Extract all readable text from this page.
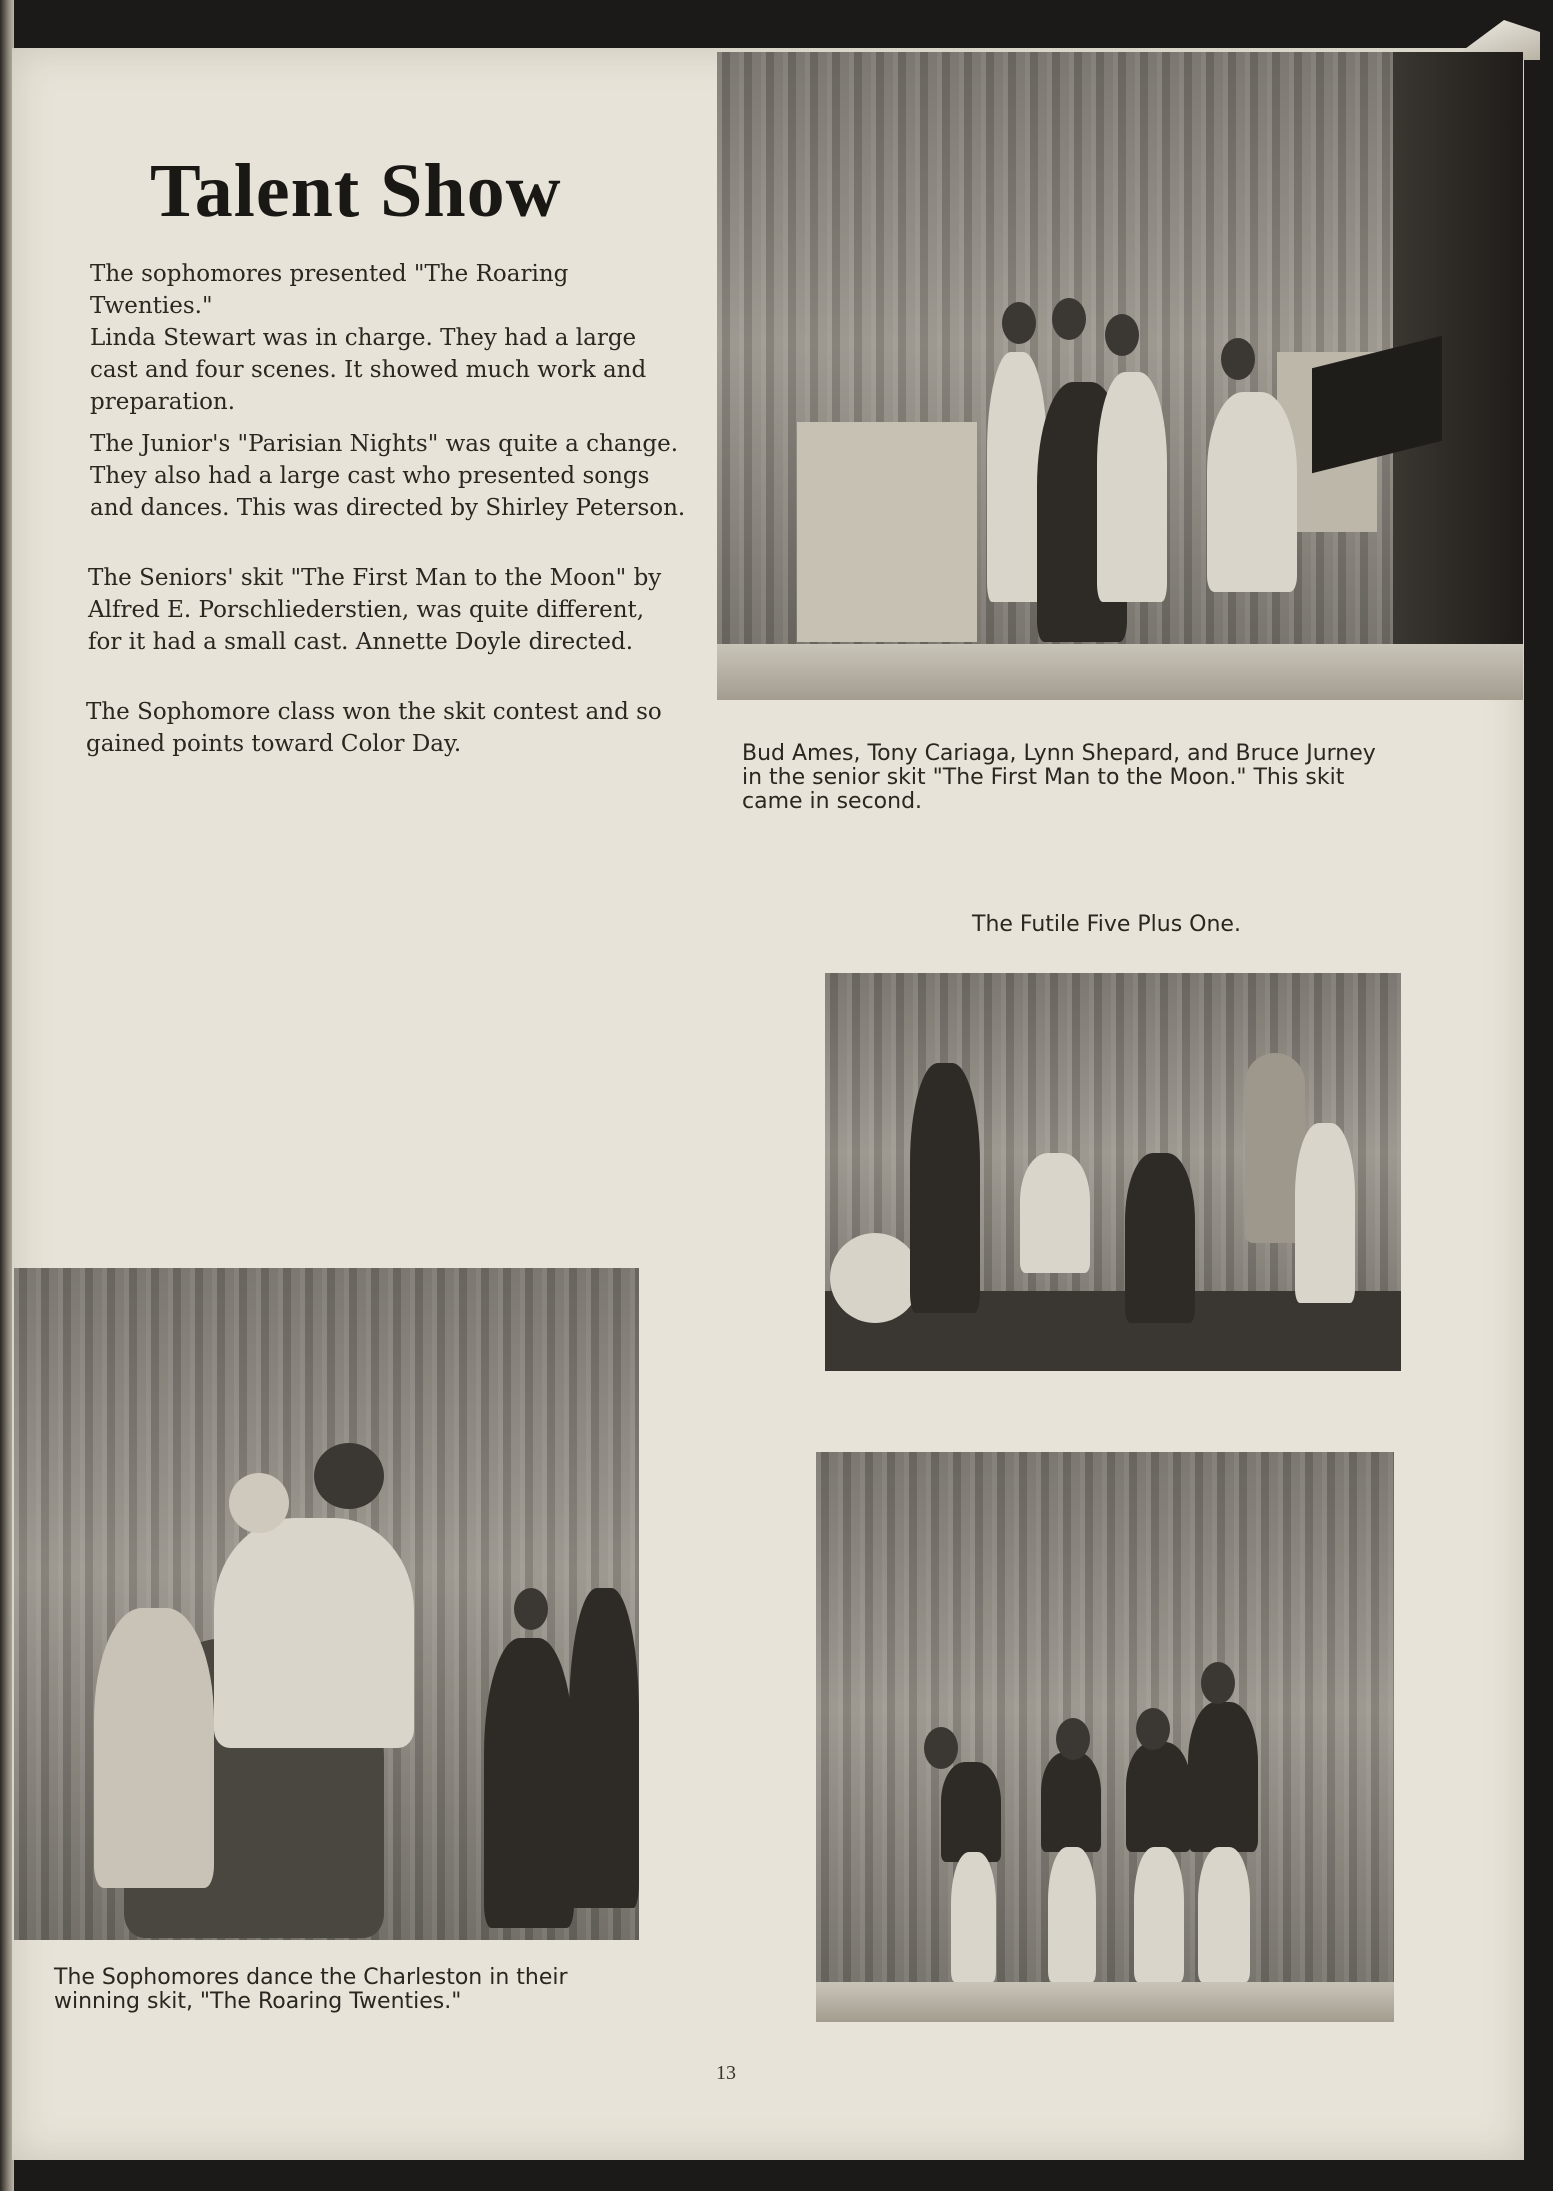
Talent Show

The sophomores presented "The Roaring Twenties."
Linda Stewart was in charge. They had a large
cast and four scenes. It showed much work and
preparation.

The Junior's "Parisian Nights" was quite a change.
They also had a large cast who presented songs
and dances. This was directed by Shirley Peterson.

The Seniors' skit "The First Man to the Moon" by
Alfred E. Porschliederstien, was quite different,
for it had a small cast. Annette Doyle directed.

The Sophomore class won the skit contest and so
gained points toward Color Day.	Bud Ames, Tony Cariaga, Lynn Shepard, and Bruce Jurney
in the senior skit "The First Man to the Moon." This skit
came in second.

The Futile Five Plus One.

The Sophomores dance the Charleston in their
winning skit, "The Roaring Twenties."

13
